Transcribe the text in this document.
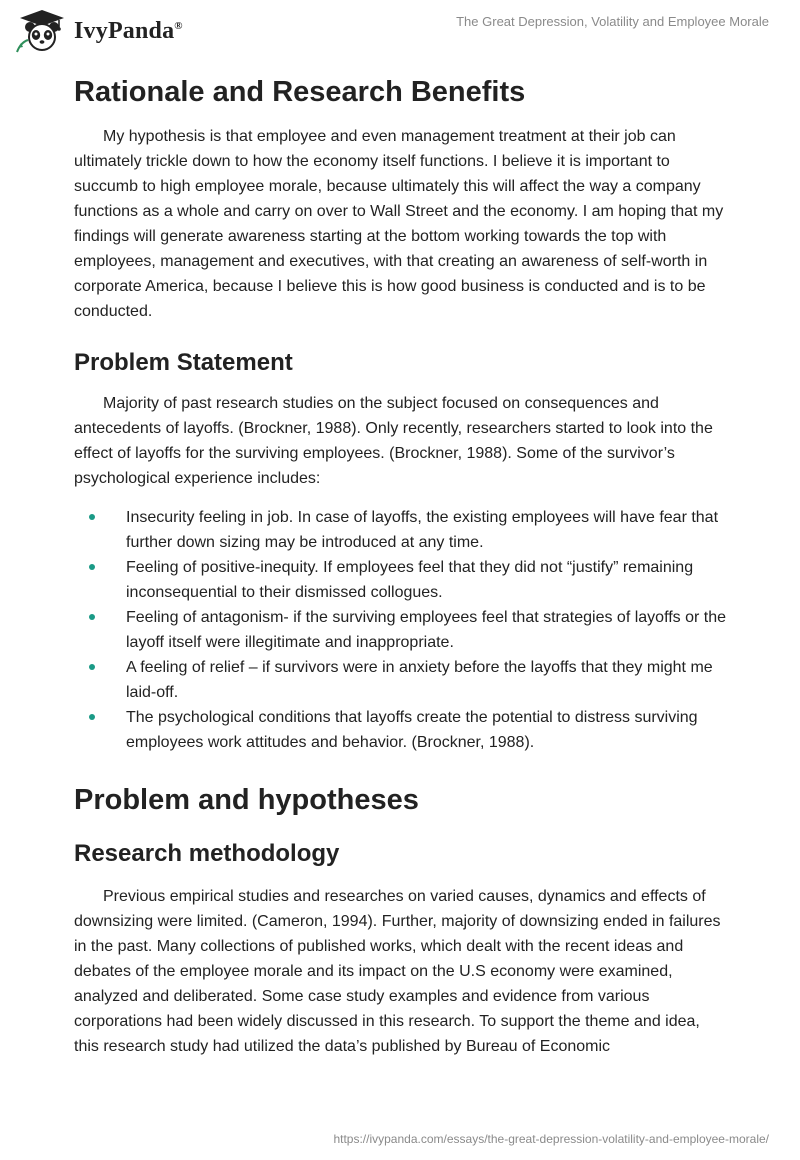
IvyPanda®	The Great Depression, Volatility and Employee Morale
Rationale and Research Benefits

My hypothesis is that employee and even management treatment at their job can ultimately trickle down to how the economy itself functions. I believe it is important to succumb to high employee morale, because ultimately this will affect the way a company functions as a whole and carry on over to Wall Street and the economy. I am hoping that my findings will generate awareness starting at the bottom working towards the top with employees, management and executives, with that creating an awareness of self-worth in corporate America, because I believe this is how good business is conducted and is to be conducted.

Problem Statement

Majority of past research studies on the subject focused on consequences and antecedents of layoffs. (Brockner, 1988). Only recently, researchers started to look into the effect of layoffs for the surviving employees. (Brockner, 1988). Some of the survivor’s psychological experience includes:

Insecurity feeling in job. In case of layoffs, the existing employees will have fear that further down sizing may be introduced at any time.
Feeling of positive-inequity. If employees feel that they did not “justify” remaining inconsequential to their dismissed collogues.
Feeling of antagonism- if the surviving employees feel that strategies of layoffs or the layoff itself were illegitimate and inappropriate.
A feeling of relief – if survivors were in anxiety before the layoffs that they might me laid-off.
The psychological conditions that layoffs create the potential to distress surviving employees work attitudes and behavior. (Brockner, 1988).
Problem and hypotheses
Research methodology

Previous empirical studies and researches on varied causes, dynamics and effects of downsizing were limited. (Cameron, 1994). Further, majority of downsizing ended in failures in the past. Many collections of published works, which dealt with the recent ideas and debates of the employee morale and its impact on the U.S economy were examined, analyzed and deliberated. Some case study examples and evidence from various corporations had been widely discussed in this research. To support the theme and idea, this research study had utilized the data’s published by Bureau of Economic

https://ivypanda.com/essays/the-great-depression-volatility-and-employee-morale/
